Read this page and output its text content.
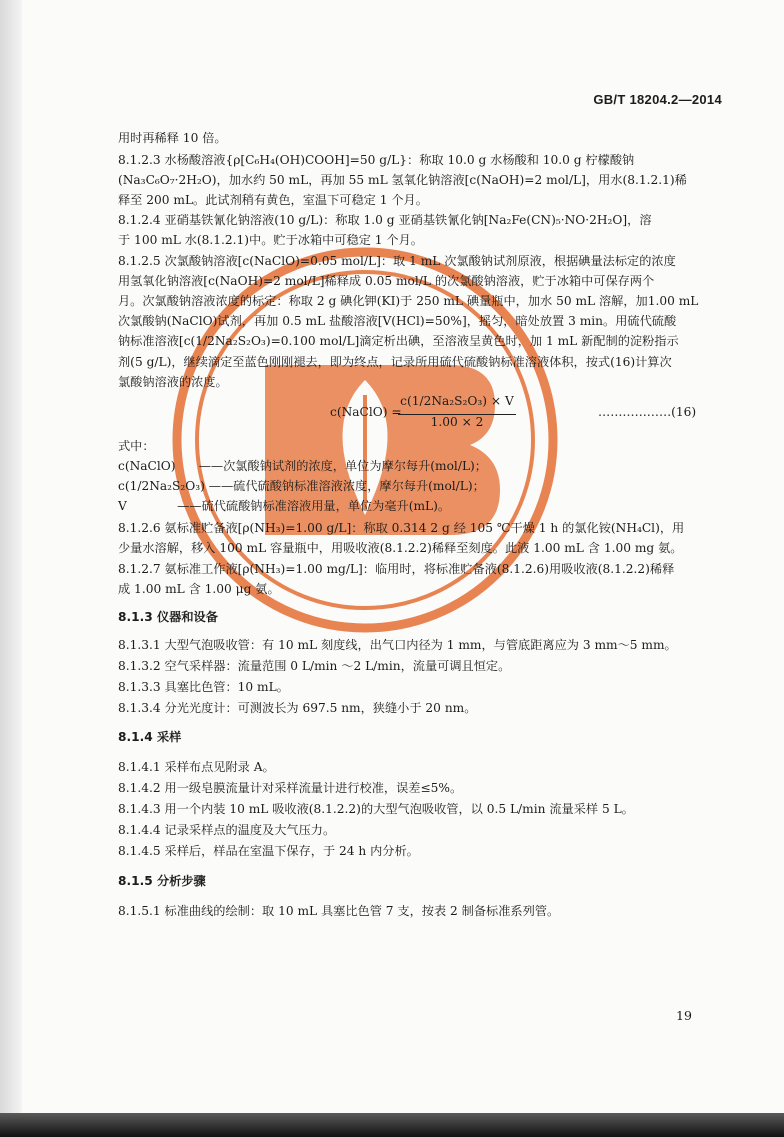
GB/T 18204.2—2014
用时再稀释 10 倍。
8.1.2.3 水杨酸溶液{ρ[C₆H₄(OH)COOH]=50 g/L}：称取 10.0 g 水杨酸和 10.0 g 柠檬酸钠
(Na₃C₆O₇·2H₂O)，加水约 50 mL，再加 55 mL 氢氧化钠溶液[c(NaOH)=2 mol/L]，用水(8.1.2.1)稀
释至 200 mL。此试剂稍有黄色，室温下可稳定 1 个月。
8.1.2.4 亚硝基铁氰化钠溶液(10 g/L)：称取 1.0 g 亚硝基铁氰化钠[Na₂Fe(CN)₅·NO·2H₂O]，溶
于 100 mL 水(8.1.2.1)中。贮于冰箱中可稳定 1 个月。
8.1.2.5 次氯酸钠溶液[c(NaClO)=0.05 mol/L]：取 1 mL 次氯酸钠试剂原液，根据碘量法标定的浓度
用氢氧化钠溶液[c(NaOH)=2 mol/L]稀释成 0.05 mol/L 的次氯酸钠溶液，贮于冰箱中可保存两个
月。次氯酸钠溶液浓度的标定：称取 2 g 碘化钾(KI)于 250 mL 碘量瓶中，加水 50 mL 溶解，加1.00 mL
次氯酸钠(NaClO)试剂，再加 0.5 mL 盐酸溶液[V(HCl)=50%]，摇匀，暗处放置 3 min。用硫代硫酸
钠标准溶液[c(1/2Na₂S₂O₃)=0.100 mol/L]滴定析出碘，至溶液呈黄色时，加 1 mL 新配制的淀粉指示
剂(5 g/L)，继续滴定至蓝色刚刚褪去，即为终点，记录所用硫代硫酸钠标准溶液体积，按式(16)计算次
氯酸钠溶液的浓度。
c(NaClO) =
c(1/2Na₂S₂O₃) × V
1.00 × 2
………………(16)
式中：
c(NaClO)      ——次氯酸钠试剂的浓度，单位为摩尔每升(mol/L)；
c(1/2Na₂S₂O₃) ——硫代硫酸钠标准溶液浓度，摩尔每升(mol/L)；
V             ——硫代硫酸钠标准溶液用量，单位为毫升(mL)。
8.1.2.6 氨标准贮备液[ρ(NH₃)=1.00 g/L]：称取 0.314 2 g 经 105 ℃干燥 1 h 的氯化铵(NH₄Cl)，用
少量水溶解，移入 100 mL 容量瓶中，用吸收液(8.1.2.2)稀释至刻度。此液 1.00 mL 含 1.00 mg 氨。
8.1.2.7 氨标准工作液[ρ(NH₃)=1.00 mg/L]：临用时，将标准贮备液(8.1.2.6)用吸收液(8.1.2.2)稀释
成 1.00 mL 含 1.00 μg 氨。
8.1.3 仪器和设备
8.1.3.1 大型气泡吸收管：有 10 mL 刻度线，出气口内径为 1 mm，与管底距离应为 3 mm～5 mm。
8.1.3.2 空气采样器：流量范围 0 L/min ～2 L/min，流量可调且恒定。
8.1.3.3 具塞比色管：10 mL。
8.1.3.4 分光光度计：可测波长为 697.5 nm，狭缝小于 20 nm。
8.1.4 采样
8.1.4.1 采样布点见附录 A。
8.1.4.2 用一级皂膜流量计对采样流量计进行校准，误差≤5%。
8.1.4.3 用一个内装 10 mL 吸收液(8.1.2.2)的大型气泡吸收管，以 0.5 L/min 流量采样 5 L。
8.1.4.4 记录采样点的温度及大气压力。
8.1.4.5 采样后，样品在室温下保存，于 24 h 内分析。
8.1.5 分析步骤
8.1.5.1 标准曲线的绘制：取 10 mL 具塞比色管 7 支，按表 2 制备标准系列管。
19
